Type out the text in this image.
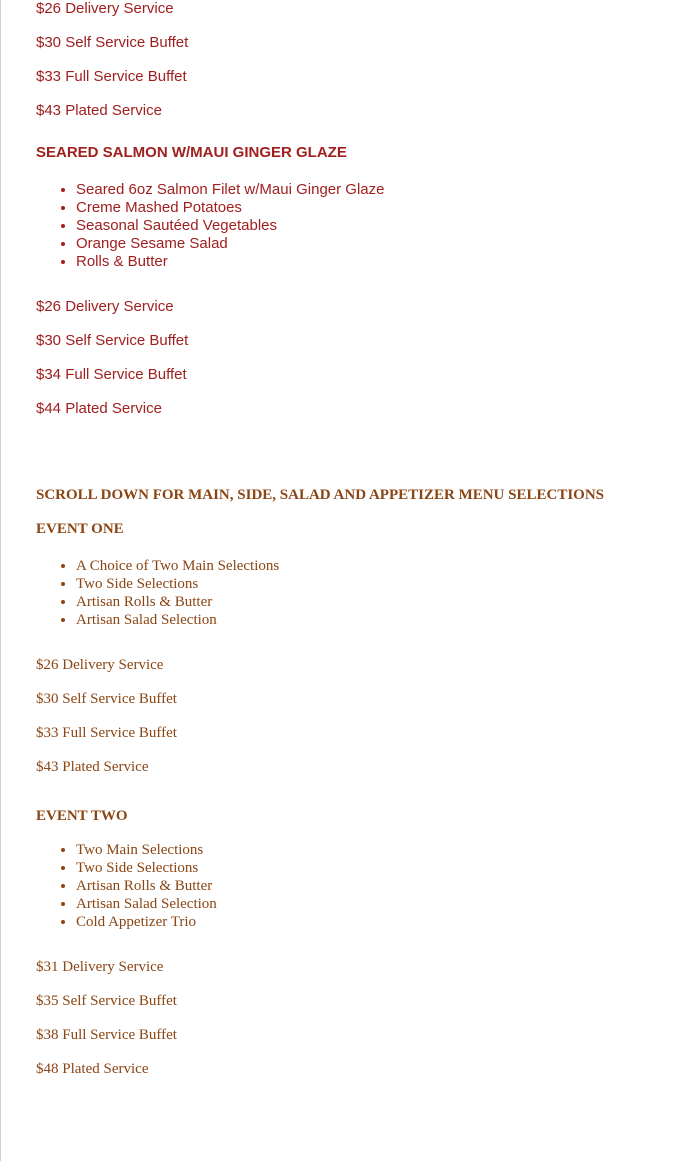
$26 Delivery Service

$30 Self Service Buffet

$33 Full Service Buffet

$43 Plated Service

SEARED SALMON W/MAUI GINGER GLAZE

• Seared 6oz Salmon Filet w/Maui Ginger Glaze
• Creme Mashed Potatoes
• Seasonal Sautéed Vegetables
• Orange Sesame Salad
• Rolls & Butter

$26 Delivery Service

$30 Self Service Buffet

$34 Full Service Buffet

$44 Plated Service

SCROLL DOWN FOR MAIN, SIDE, SALAD AND APPETIZER MENU SELECTIONS

EVENT ONE

• A Choice of Two Main Selections
• Two Side Selections
• Artisan Rolls & Butter
• Artisan Salad Selection

$26 Delivery Service

$30 Self Service Buffet

$33 Full Service Buffet

$43 Plated Service

EVENT TWO

• Two Main Selections
• Two Side Selections
• Artisan Rolls & Butter
• Artisan Salad Selection
• Cold Appetizer Trio

$31 Delivery Service

$35 Self Service Buffet

$38 Full Service Buffet

$48 Plated Service
